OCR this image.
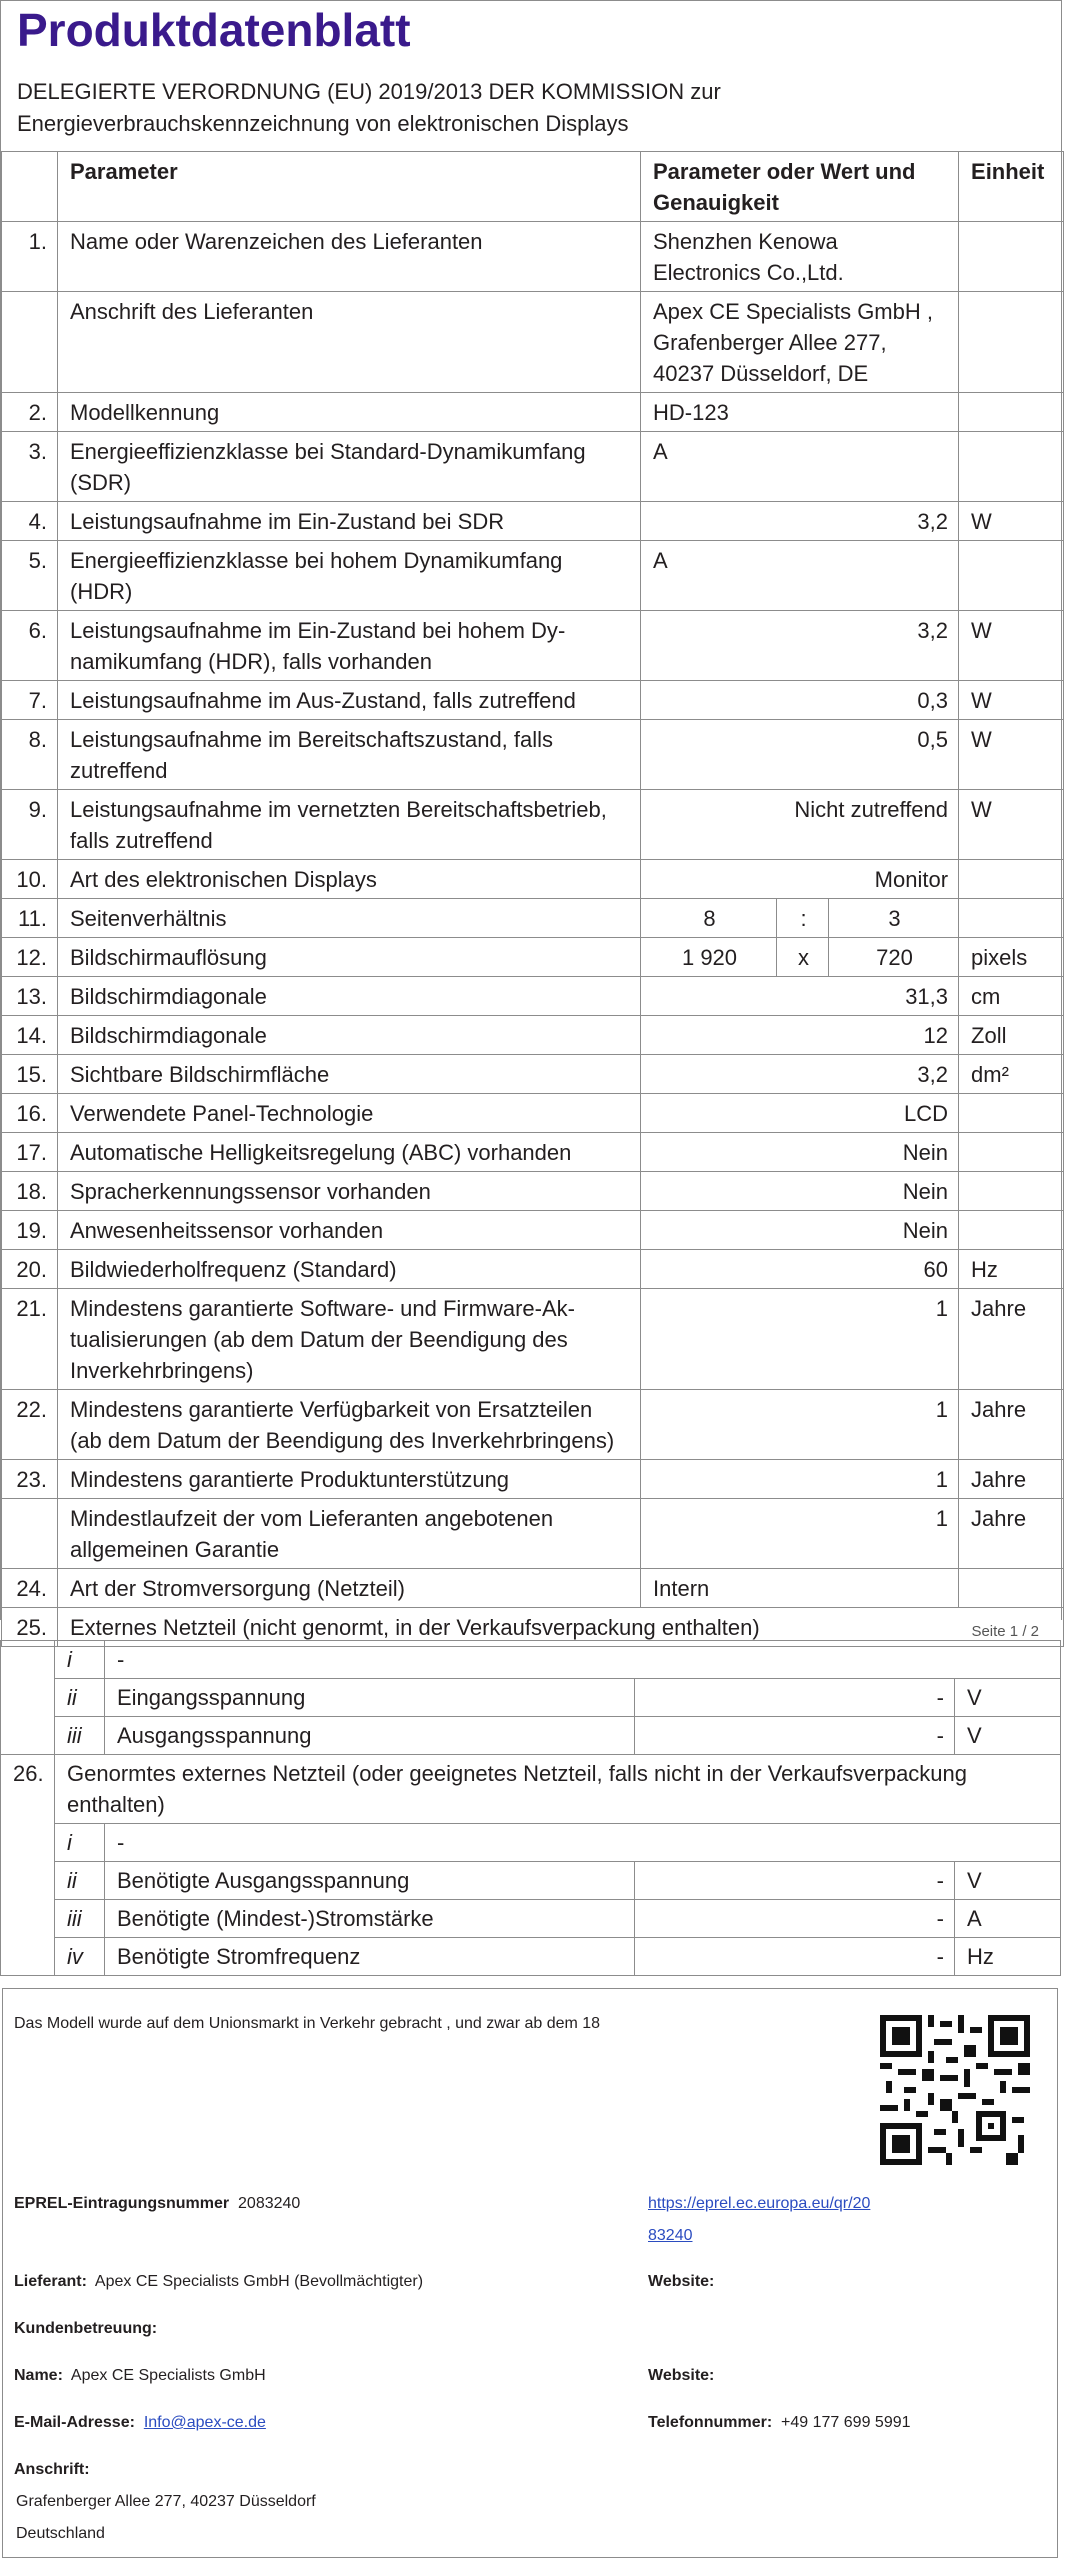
Produktdatenblatt
DELEGIERTE VERORDNUNG (EU) 2019/2013 DER KOMMISSION zur
Energieverbrauchskennzeichnung von elektronischen Displays
	Parameter	Parameter oder Wert und Genauigkeit			Einheit
1.	Name oder Warenzeichen des Lieferanten	Shenzhen Kenowa Electronics Co.,Ltd.			
	Anschrift des Lieferanten	Apex CE Specialists GmbH , Grafenberger Allee 277, 40237 Düsseldorf, DE			
2.	Modellkennung	HD-123			
3.	Energieeffizienzklasse bei Standard-Dynamikumfang (SDR)	A			
4.	Leistungsaufnahme im Ein-Zustand bei SDR	3,2			W
5.	Energieeffizienzklasse bei hohem Dynamikumfang (HDR)	A			
6.	Leistungsaufnahme im Ein-Zustand bei hohem Dynamikumfang (HDR), falls vorhanden	3,2			W
7.	Leistungsaufnahme im Aus-Zustand, falls zutreffend	0,3			W
8.	Leistungsaufnahme im Bereitschaftszustand, falls zutreffend	0,5			W
9.	Leistungsaufnahme im vernetzten Bereitschaftsbetrieb, falls zutreffend	Nicht zutreffend			W
10.	Art des elektronischen Displays	Monitor			
11.	Seitenverhältnis	8	:	3	
12.	Bildschirmauflösung	1 920	x	720	pixels
13.	Bildschirmdiagonale	31,3			cm
14.	Bildschirmdiagonale	12			Zoll
15.	Sichtbare Bildschirmfläche	3,2			dm²
16.	Verwendete Panel-Technologie	LCD			
17.	Automatische Helligkeitsregelung (ABC) vorhanden	Nein			
18.	Spracherkennungssensor vorhanden	Nein			
19.	Anwesenheitssensor vorhanden	Nein			
20.	Bildwiederholfrequenz (Standard)	60			Hz
21.	Mindestens garantierte Software- und Firmware-Aktualisierungen (ab dem Datum der Beendigung des Inverkehrbringens)	1			Jahre
22.	Mindestens garantierte Verfügbarkeit von Ersatzteilen (ab dem Datum der Beendigung des Inverkehrbringens)	1			Jahre
23.	Mindestens garantierte Produktunterstützung	1			Jahre
	Mindestlaufzeit der vom Lieferanten angebotenen allgemeinen Garantie	1			Jahre
24.	Art der Stromversorgung (Netzteil)	Intern			
25.	Externes Netzteil (nicht genormt, in der Verkaufsverpackung enthalten)					Seite 1 / 2
	i	-		
	ii	Eingangsspannung	-	V
	iii	Ausgangsspannung	-	V
26.	Genormtes externes Netzteil (oder geeignetes Netzteil, falls nicht in der Verkaufsverpackung enthalten)			
	i	-		
	ii	Benötigte Ausgangsspannung	-	V
	iii	Benötigte (Mindest-)Stromstärke	-	A
	iv	Benötigte Stromfrequenz	-	Hz
Das Modell wurde auf dem Unionsmarkt in Verkehr gebracht , und zwar ab dem 18
EPREL-Eintragungsnummer 2083240	https://eprel.ec.europa.eu/qr/20
83240
Lieferant: Apex CE Specialists GmbH (Bevollmächtigter)	Website:
Kundenbetreuung:
Name: Apex CE Specialists GmbH	Website:
E-Mail-Adresse: Info@apex-ce.de	Telefonnummer: +49 177 699 5991
Anschrift:
Grafenberger Allee 277, 40237 Düsseldorf
Deutschland
